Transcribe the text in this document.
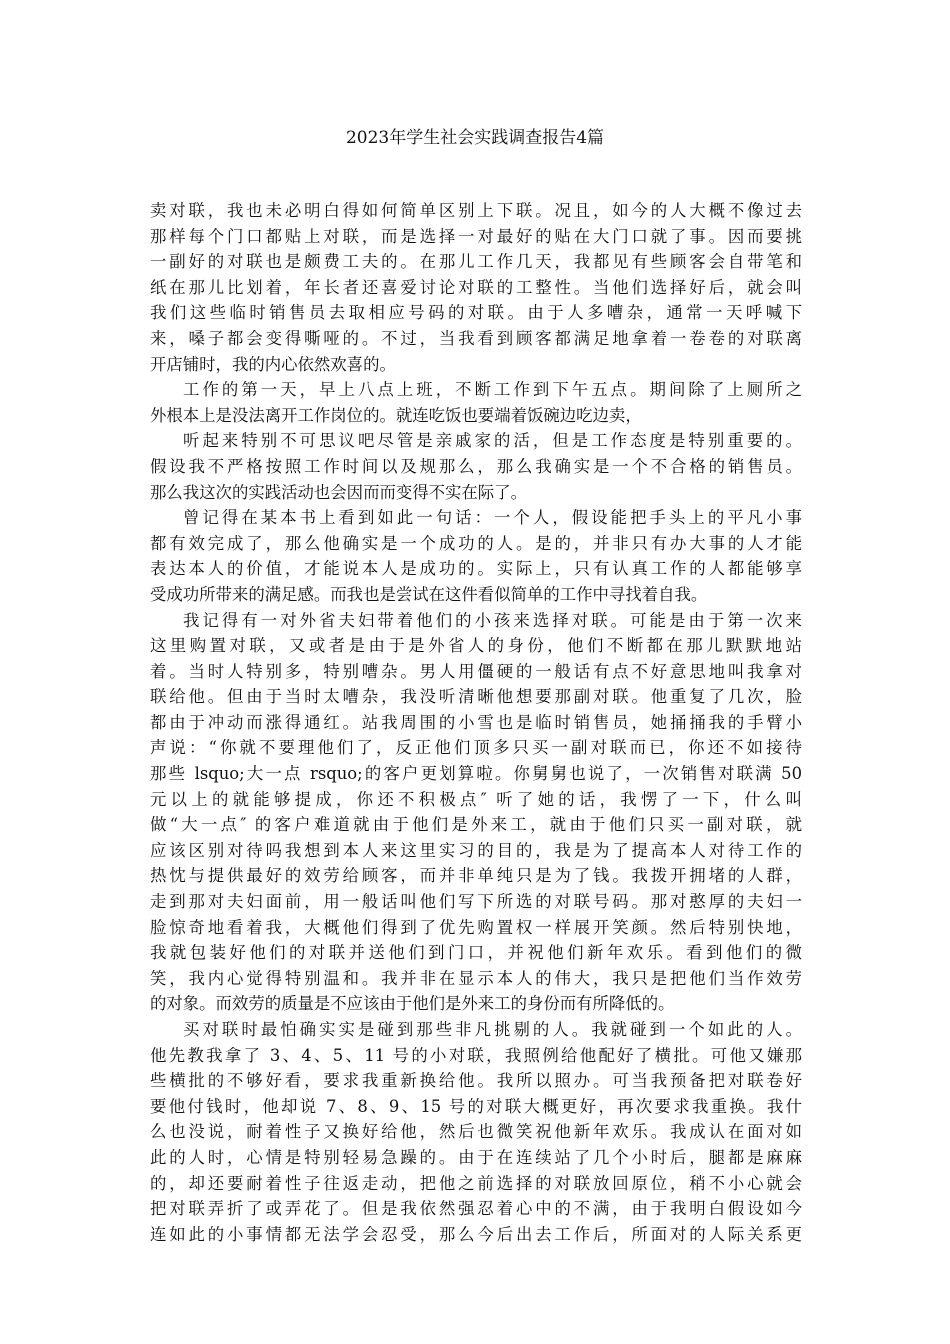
2023年学生社会实践调查报告4篇
卖对联，我也未必明白得如何简单区别上下联。况且，如今的人大概不像过去
那样每个门口都贴上对联，而是选择一对最好的贴在大门口就了事。因而要挑
一副好的对联也是颇费工夫的。在那儿工作几天，我都见有些顾客会自带笔和
纸在那儿比划着，年长者还喜爱讨论对联的工整性。当他们选择好后，就会叫
我们这些临时销售员去取相应号码的对联。由于人多嘈杂，通常一天呼喊下
来，嗓子都会变得嘶哑的。不过，当我看到顾客都满足地拿着一卷卷的对联离
开店铺时，我的内心依然欢喜的。
工作的第一天，早上八点上班，不断工作到下午五点。期间除了上厕所之
外根本上是没法离开工作岗位的。就连吃饭也要端着饭碗边吃边卖，
听起来特别不可思议吧尽管是亲戚家的活，但是工作态度是特别重要的。
假设我不严格按照工作时间以及规那么，那么我确实是一个不合格的销售员。
那么我这次的实践活动也会因而而变得不实在际了。
曾记得在某本书上看到如此一句话：一个人，假设能把手头上的平凡小事
都有效完成了，那么他确实是一个成功的人。是的，并非只有办大事的人才能
表达本人的价值，才能说本人是成功的。实际上，只有认真工作的人都能够享
受成功所带来的满足感。而我也是尝试在这件看似简单的工作中寻找着自我。
我记得有一对外省夫妇带着他们的小孩来选择对联。可能是由于第一次来
这里购置对联，又或者是由于是外省人的身份，他们不断都在那儿默默地站
着。当时人特别多，特别嘈杂。男人用僵硬的一般话有点不好意思地叫我拿对
联给他。但由于当时太嘈杂，我没听清晰他想要那副对联。他重复了几次，脸
都由于冲动而涨得通红。站我周围的小雪也是临时销售员，她捅捅我的手臂小
声说：“你就不要理他们了，反正他们顶多只买一副对联而已，你还不如接待
那些 lsquo;大一点 rsquo;的客户更划算啦。你舅舅也说了，一次销售对联满 50
元以上的就能够提成，你还不积极点″ 听了她的话，我愣了一下，什么叫
做“大一点″ 的客户难道就由于他们是外来工，就由于他们只买一副对联，就
应该区别对待吗我想到本人来这里实习的目的，我是为了提高本人对待工作的
热忱与提供最好的效劳给顾客，而并非单纯只是为了钱。我拨开拥堵的人群，
走到那对夫妇面前，用一般话叫他们写下所选的对联号码。那对憨厚的夫妇一
脸惊奇地看着我，大概他们得到了优先购置权一样展开笑颜。然后特别快地，
我就包装好他们的对联并送他们到门口，并祝他们新年欢乐。看到他们的微
笑，我内心觉得特别温和。我并非在显示本人的伟大，我只是把他们当作效劳
的对象。而效劳的质量是不应该由于他们是外来工的身份而有所降低的。
买对联时最怕确实实是碰到那些非凡挑剔的人。我就碰到一个如此的人。
他先教我拿了 3、4、5、11 号的小对联，我照例给他配好了横批。可他又嫌那
些横批的不够好看，要求我重新换给他。我所以照办。可当我预备把对联卷好
要他付钱时，他却说 7、8、9、15 号的对联大概更好，再次要求我重换。我什
么也没说，耐着性子又换好给他，然后也微笑祝他新年欢乐。我成认在面对如
此的人时，心情是特别轻易急躁的。由于在连续站了几个小时后，腿都是麻麻
的，却还要耐着性子往返走动，把他之前选择的对联放回原位，稍不小心就会
把对联弄折了或弄花了。但是我依然强忍着心中的不满，由于我明白假设如今
连如此的小事情都无法学会忍受，那么今后出去工作后，所面对的人际关系更
